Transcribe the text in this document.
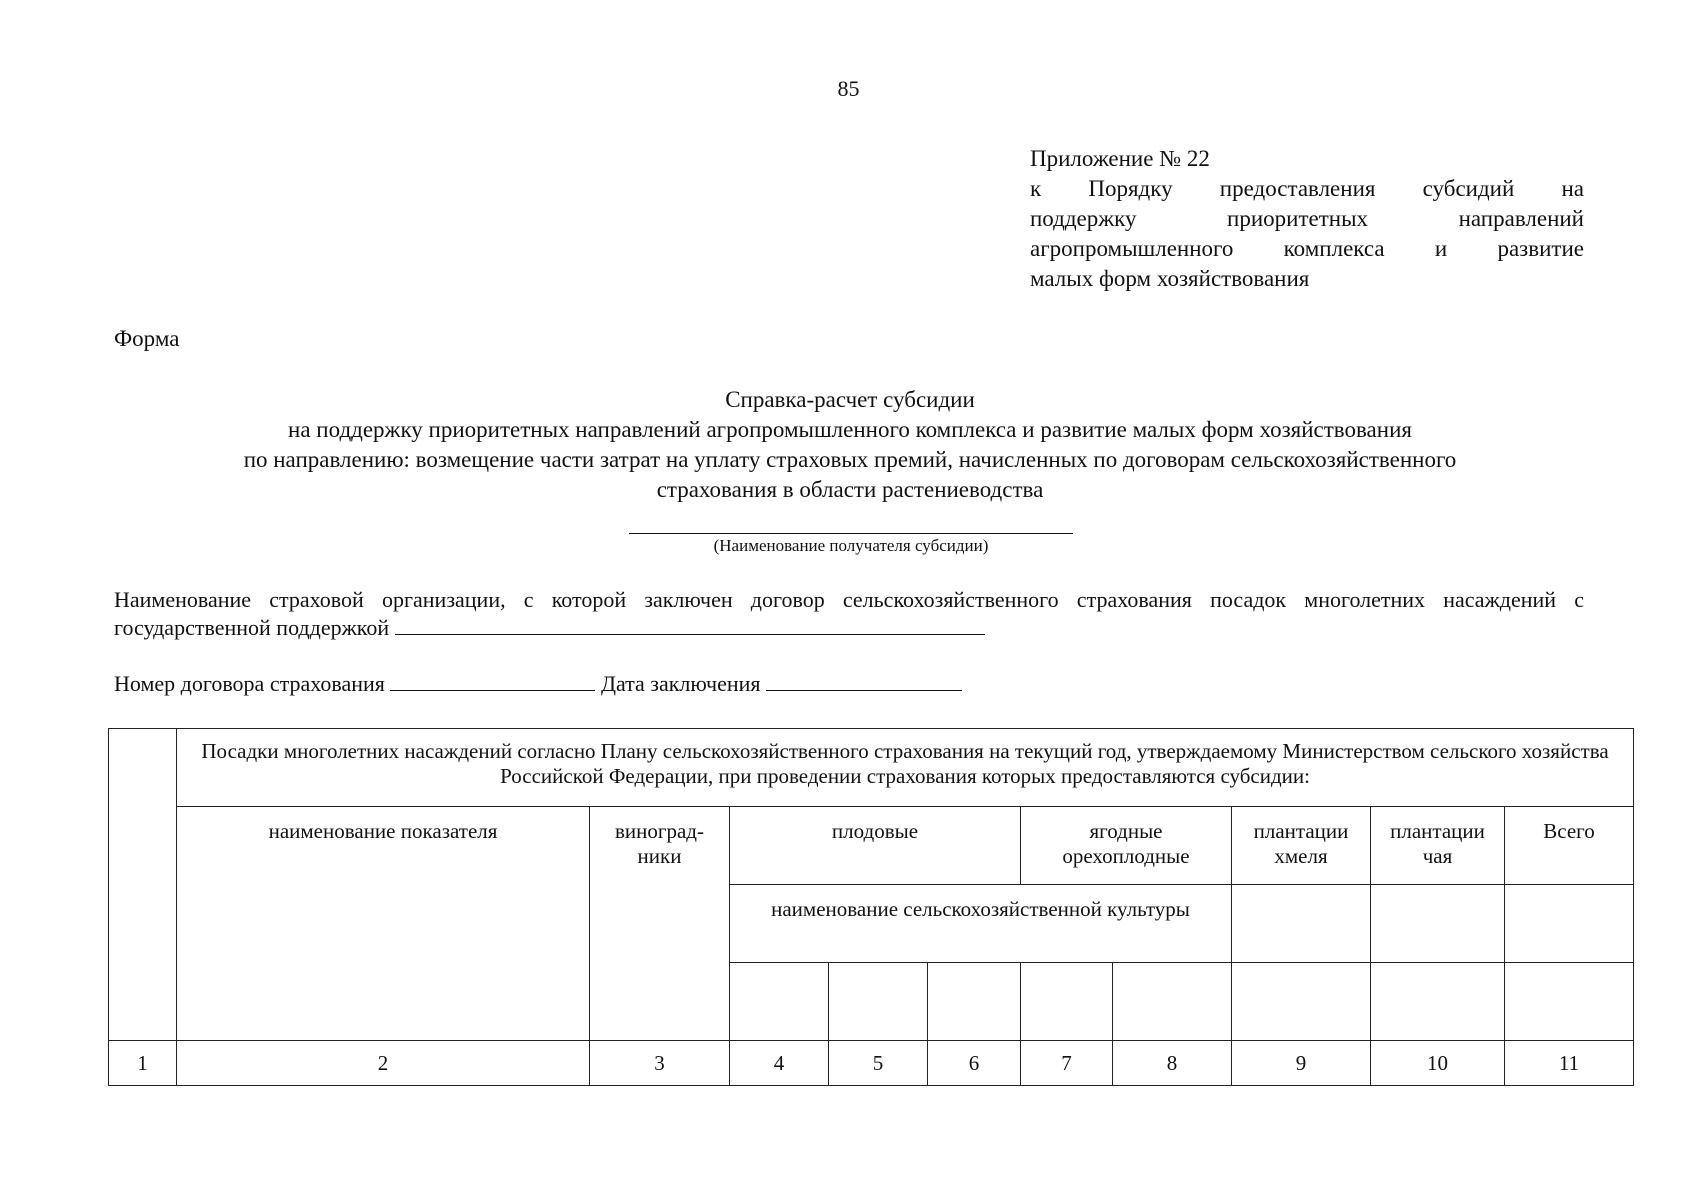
85
Приложение № 22
к Порядку предоставления субсидий на
поддержку приоритетных направлений
агропромышленного комплекса и развитие
малых форм хозяйствования
Форма
Справка-расчет субсидии
на поддержку приоритетных направлений агропромышленного комплекса и развитие малых форм хозяйствования
по направлению: возмещение части затрат на уплату страховых премий, начисленных по договорам сельскохозяйственного
страхования в области растениеводства
(Наименование получателя субсидии)
Наименование страховой организации, с которой заключен договор сельскохозяйственного страхования посадок многолетних насаждений с
государственной поддержкой
Номер договора страхования	Дата заключения
	Посадки многолетних насаждений согласно Плану сельскохозяйственного страхования на текущий год, утверждаемому Министерством сельского хозяйства Российской Федерации, при проведении страхования которых предоставляются субсидии:									
	наименование показателя	виноград-ники	плодовые			ягодные орехоплодные		плантации хмеля	плантации чая	Всего
			наименование сельскохозяйственной культуры							

1	2	3	4	5	6	7	8	9	10	11
